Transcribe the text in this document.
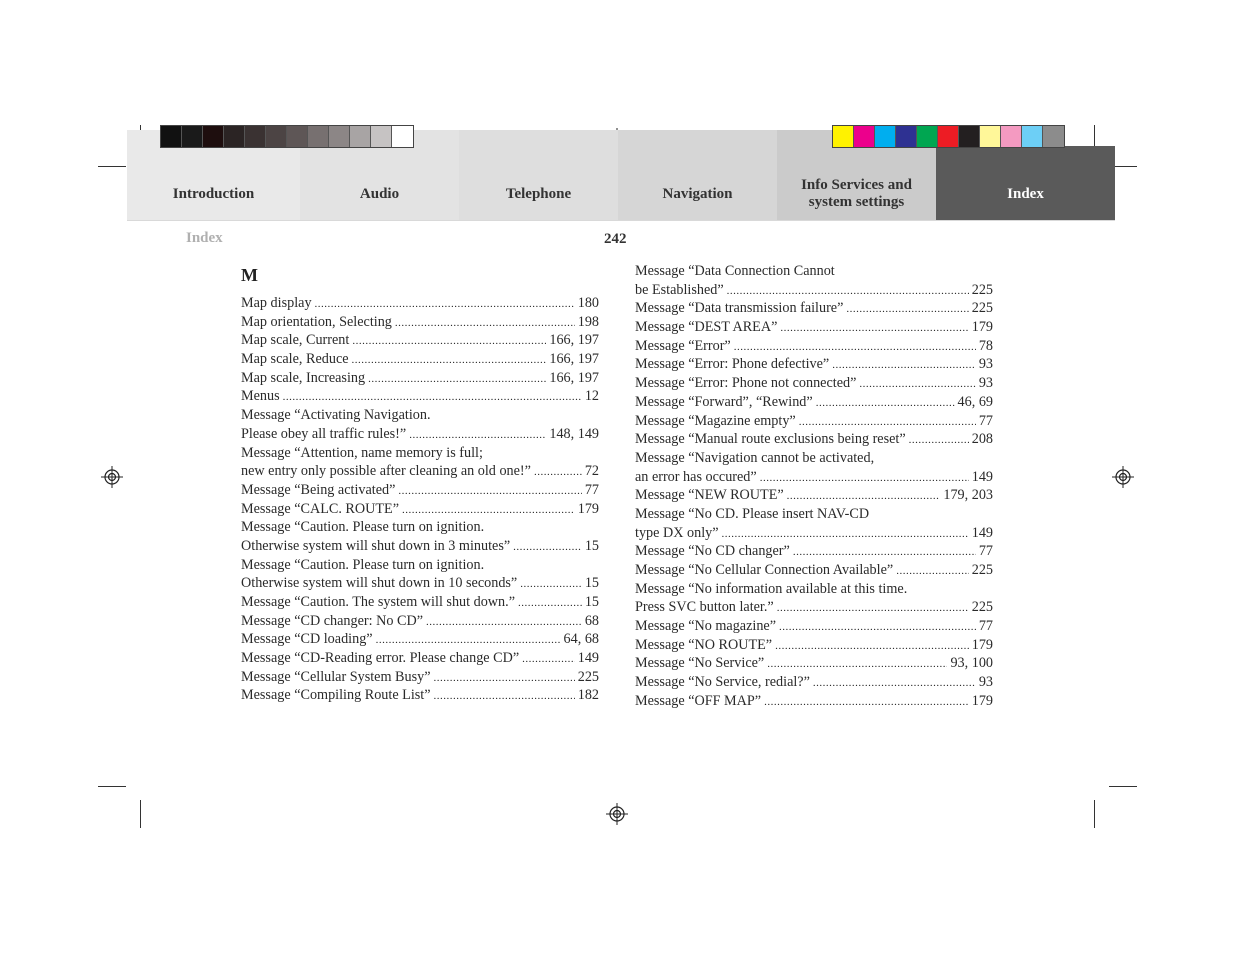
Introduction	Audio	Telephone	Navigation
Info Services and system settings
Index
Index	242
M
Map display .....	180
Map orientation, Selecting .....	198
Map scale, Current .....	166, 197
Map scale, Reduce .....	166, 197
Map scale, Increasing .....	166, 197
Menus .....	12
Message “Activating Navigation.
Please obey all traffic rules!” .....	148, 149
Message “Attention, name memory is full;
new entry only possible after cleaning an old one!” .....	72
Message “Being activated” .....	77
Message “CALC. ROUTE” .....	179
Message “Caution. Please turn on ignition.
Otherwise system will shut down in 3 minutes” .....	15
Message “Caution. Please turn on ignition.
Otherwise system will shut down in 10 seconds” .....	15
Message “Caution. The system will shut down.” .....	15
Message “CD changer: No CD” .....	68
Message “CD loading” .....	64, 68
Message “CD-Reading error. Please change CD” .....	149
Message “Cellular System Busy” .....	225
Message “Compiling Route List” .....	182
Message “Data Connection Cannot
be Established” .....	225
Message “Data transmission failure” .....	225
Message “DEST AREA” .....	179
Message “Error” .....	78
Message “Error: Phone defective” .....	93
Message “Error: Phone not connected” .....	93
Message “Forward”, “Rewind” .....	46, 69
Message “Magazine empty” .....	77
Message “Manual route exclusions being reset” .....	208
Message “Navigation cannot be activated,
an error has occured” .....	149
Message “NEW ROUTE” .....	179, 203
Message “No CD. Please insert NAV-CD
type DX only” .....	149
Message “No CD changer” .....	77
Message “No Cellular Connection Available” .....	225
Message “No information available at this time.
Press SVC button later.” .....	225
Message “No magazine” .....	77
Message “NO ROUTE” .....	179
Message “No Service” .....	93, 100
Message “No Service, redial?” .....	93
Message “OFF MAP” .....	179
